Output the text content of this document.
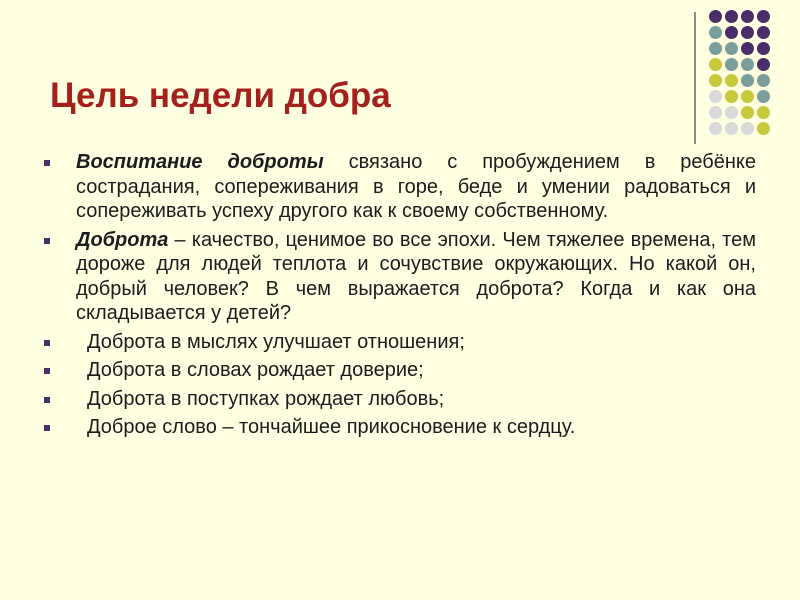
Цель недели добра
Воспитание доброты связано с пробуждением в ребёнке сострадания, сопереживания в горе, беде и умении радоваться и сопереживать успеху другого как к своему собственному.
Доброта – качество, ценимое во все эпохи. Чем тяжелее времена, тем дороже для людей теплота и сочувствие окружающих. Но какой он, добрый человек? В чем выражается доброта? Когда и как она складывается у детей?
Доброта в мыслях улучшает отношения;
Доброта в словах рождает доверие;
Доброта в поступках рождает любовь;
Доброе слово – тончайшее прикосновение к сердцу.
